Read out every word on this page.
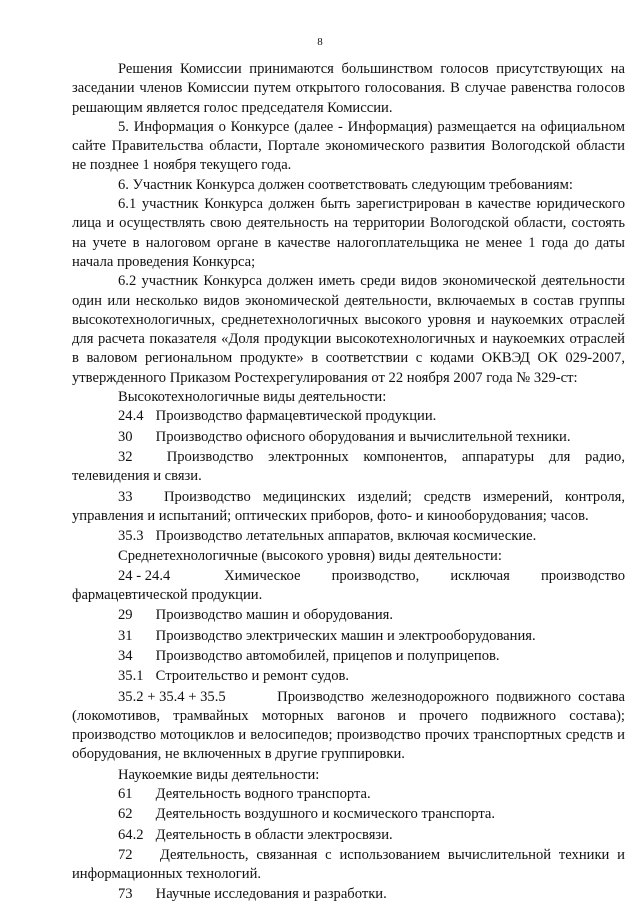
8

Решения Комиссии принимаются большинством голосов присутствующих на заседании членов Комиссии путем открытого голосования. В случае равенства голосов решающим является голос председателя Комиссии.

5. Информация о Конкурсе (далее - Информация) размещается на официальном сайте Правительства области, Портале экономического развития Вологодской области не позднее 1 ноября текущего года.

6. Участник Конкурса должен соответствовать следующим требованиям:

6.1 участник Конкурса должен быть зарегистрирован в качестве юридического лица и осуществлять свою деятельность на территории Вологодской области, состоять на учете в налоговом органе в качестве налогоплательщика не менее 1 года до даты начала проведения Конкурса;

6.2 участник Конкурса должен иметь среди видов экономической деятельности один или несколько видов экономической деятельности, включаемых в состав группы высокотехнологичных, среднетехнологичных высокого уровня и наукоемких отраслей для расчета показателя «Доля продукции высокотехнологичных и наукоемких отраслей в валовом региональном продукте» в соответствии с кодами ОКВЭД ОК 029-2007, утвержденного Приказом Ростехрегулирования от 22 ноября 2007 года № 329-ст:

Высокотехнологичные виды деятельности:

24.4 Производство фармацевтической продукции.

30 Производство офисного оборудования и вычислительной техники.

32 Производство электронных компонентов, аппаратуры для радио, телевидения и связи.

33 Производство медицинских изделий; средств измерений, контроля, управления и испытаний; оптических приборов, фото- и кинооборудования; часов.

35.3 Производство летательных аппаратов, включая космические.

Среднетехнологичные (высокого уровня) виды деятельности:

24 - 24.4	Химическое производство, исключая производство фармацевтической продукции.

29 Производство машин и оборудования.

31 Производство электрических машин и электрооборудования.

34 Производство автомобилей, прицепов и полуприцепов.

35.1 Строительство и ремонт судов.

35.2 + 35.4 + 35.5	Производство железнодорожного подвижного состава (локомотивов, трамвайных моторных вагонов и прочего подвижного состава); производство мотоциклов и велосипедов; производство прочих транспортных средств и оборудования, не включенных в другие группировки.

Наукоемкие виды деятельности:

61 Деятельность водного транспорта.

62 Деятельность воздушного и космического транспорта.

64.2 Деятельность в области электросвязи.

72 Деятельность, связанная с использованием вычислительной техники и информационных технологий.

73 Научные исследования и разработки.
